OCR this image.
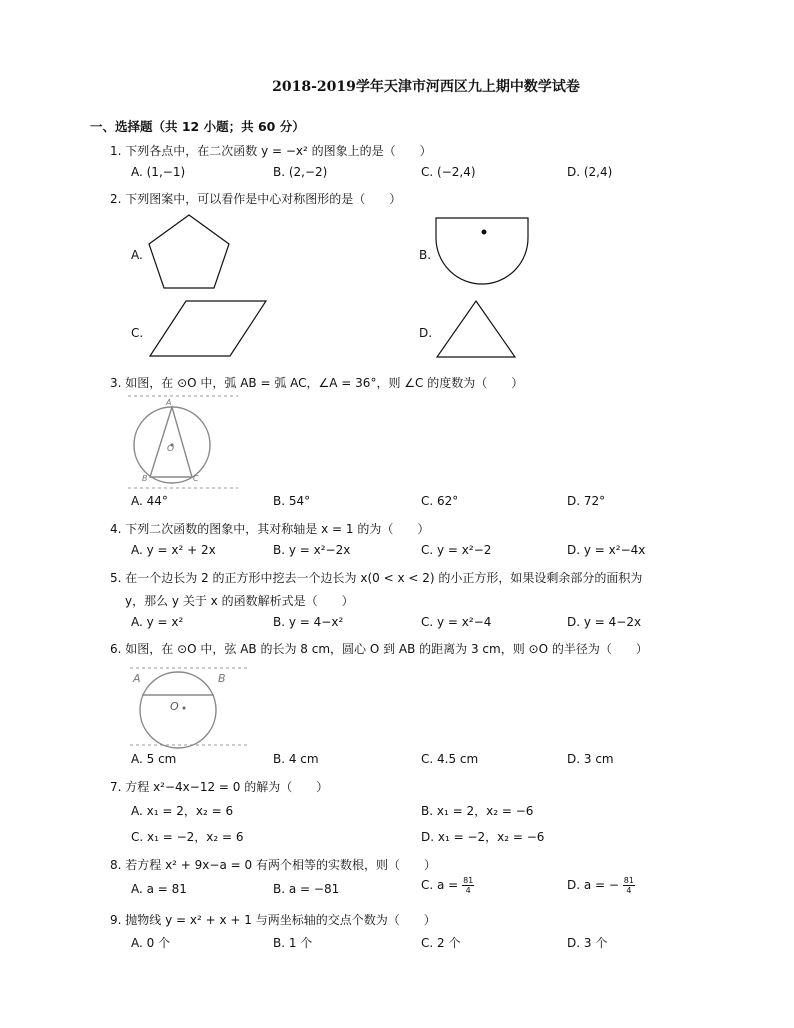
2018-2019学年天津市河西区九上期中数学试卷
一、选择题（共 12 小题；共 60 分）
1. 下列各点中，在二次函数 y = −x² 的图象上的是（　　）
A. (1,−1)	B. (2,−2)	C. (−2,4)	D. (2,4)
2. 下列图案中，可以看作是中心对称图形的是（　　）
A.	B.
C.	D.
3. 如图，在 ⊙O 中，弧 AB = 弧 AC，∠A = 36°，则 ∠C 的度数为（　　）
A
O
B	C
A. 44°	B. 54°	C. 62°	D. 72°
4. 下列二次函数的图象中，其对称轴是 x = 1 的为（　　）
A. y = x² + 2x	B. y = x²−2x	C. y = x²−2	D. y = x²−4x
5. 在一个边长为 2 的正方形中挖去一个边长为 x(0 < x < 2) 的小正方形，如果设剩余部分的面积为
y，那么 y 关于 x 的函数解析式是（　　）
A. y = x²	B. y = 4−x²	C. y = x²−4	D. y = 4−2x
6. 如图，在 ⊙O 中，弦 AB 的长为 8 cm，圆心 O 到 AB 的距离为 3 cm，则 ⊙O 的半径为（　　）
A	B
O
A. 5 cm	B. 4 cm	C. 4.5 cm	D. 3 cm
7. 方程 x²−4x−12 = 0 的解为（　　）
A. x₁ = 2，x₂ = 6	B. x₁ = 2，x₂ = −6
C. x₁ = −2，x₂ = 6	D. x₁ = −2，x₂ = −6
8. 若方程 x² + 9x−a = 0 有两个相等的实数根，则（　　）
A. a = 81	B. a = −81	C. $a = \frac{81}{4}$	D. a = − $\frac{81}{4}$
9. 抛物线 y = x² + x + 1 与两坐标轴的交点个数为（　　）
A. 0 个	B. 1 个	C. 2 个	D. 3 个
